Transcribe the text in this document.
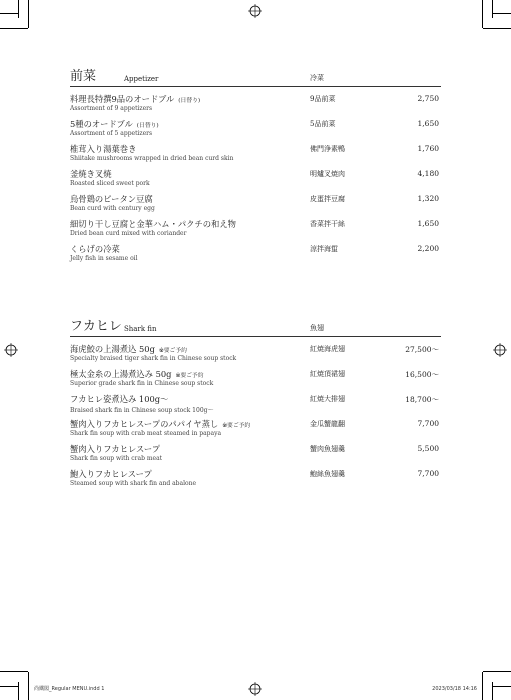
前菜	Appetizer	冷菜
料理長特撰9品のオードブル (日替り)
Assortment of 9 appetizers
9品前菜	2,750
5種のオードブル (日替り)
Assortment of 5 appetizers
5品前菜	1,650
椎茸入り湯葉巻き
Shiitake mushrooms wrapped in dried bean curd skin
佛門浄素鴨	1,760
釜焼き叉焼
Roasted sliced sweet pork
明爐叉焼肉	4,180
烏骨鶏のピータン豆腐
Bean curd with century egg
皮蛋拌豆腐	1,320
細切り干し豆腐と金華ハム・パクチの和え物
Dried bean curd mixed with coriander
香菜拌干絲	1,650
くらげの冷菜
Jelly fish in sesame oil
涼拌海蜇	2,200
フカヒレ Shark fin	魚翅
海虎鮫の上湯煮込 50g ※要ご予約
Specialty braised tiger shark fin in Chinese soup stock
紅焼海虎翅	27,500〜
極太金糸の上湯煮込み 50g ※要ご予約
Superior grade shark fin in Chinese soup stock
紅焼頂裙翅	16,500〜
フカヒレ姿煮込み 100g〜
Braised shark fin in Chinese soup stock 100g〜
紅焼大排翅	18,700〜
蟹肉入りフカヒレスープのパパイヤ蒸し ※要ご予約
Shark fin soup with crab meat steamed in papaya
金瓜蟹龍翻	7,700
蟹肉入りフカヒレスープ
Shark fin soup with crab meat
蟹肉魚翅羹	5,500
鮑入りフカヒレスープ
Steamed soup with shark fin and abalone
鮑絲魚翅羹	7,700
尚鐵閣_Regular MENU.indd 1	2023/03/18 14:16
